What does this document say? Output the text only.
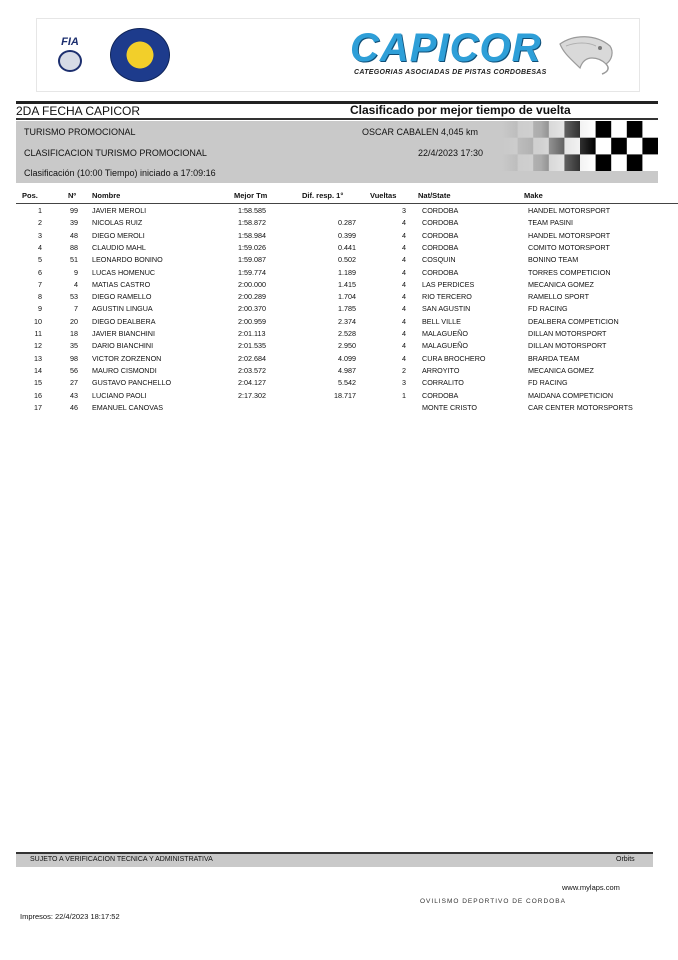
FIA	CAPICOR
CATEGORIAS ASOCIADAS DE PISTAS CORDOBESAS
2DA FECHA CAPICOR	Clasificado por mejor tiempo de vuelta
TURISMO PROMOCIONAL	OSCAR CABALEN 4,045 km
CLASIFICACION TURISMO PROMOCIONAL	22/4/2023 17:30
Clasificación (10:00 Tiempo) iniciado a 17:09:16
Pos.	Nº Nombre	Mejor Tm	Dif. resp. 1°	Vueltas	Nat/State	Make
1	99 JAVIER MEROLI	1:58.585	3 CORDOBA	HANDEL MOTORSPORT
2	39 NICOLAS RUIZ	1:58.872	0.287	4 CORDOBA	TEAM PASINI
3	48 DIEGO MEROLI	1:58.984	0.399	4 CORDOBA	HANDEL MOTORSPORT
4	88 CLAUDIO MAHL	1:59.026	0.441	4 CORDOBA	COMITO MOTORSPORT
5	51 LEONARDO BONINO	1:59.087	0.502	4 COSQUIN	BONINO TEAM
6	9 LUCAS HOMENUC	1:59.774	1.189	4 CORDOBA	TORRES COMPETICION
7	4 MATIAS CASTRO	2:00.000	1.415	4 LAS PERDICES	MECANICA GOMEZ
8	53 DIEGO RAMELLO	2:00.289	1.704	4 RIO TERCERO	RAMELLO SPORT
9	7 AGUSTIN LINGUA	2:00.370	1.785	4 SAN AGUSTIN	FD RACING
10	20 DIEGO DEALBERA	2:00.959	2.374	4 BELL VILLE	DEALBERA COMPETICION
11	18 JAVIER BIANCHINI	2:01.113	2.528	4 MALAGUEÑO	DILLAN MOTORSPORT
12	35 DARIO BIANCHINI	2:01.535	2.950	4 MALAGUEÑO	DILLAN MOTORSPORT
13	98 VICTOR ZORZENON	2:02.684	4.099	4 CURA BROCHERO	BRARDA TEAM
14	56 MAURO CISMONDI	2:03.572	4.987	2 ARROYITO	MECANICA GOMEZ
15	27 GUSTAVO PANCHELLO	2:04.127	5.542	3 CORRALITO	FD RACING
16	43 LUCIANO PAOLI	2:17.302	18.717	1 CORDOBA	MAIDANA COMPETICION
17	46 EMANUEL CANOVAS	MONTE CRISTO	CAR CENTER MOTORSPORTS
SUJETO A VERIFICACION TECNICA Y ADMINISTRATIVA	Orbits
www.mylaps.com
OVILISMO DEPORTIVO DE CORDOBA
Impresos: 22/4/2023 18:17:52
